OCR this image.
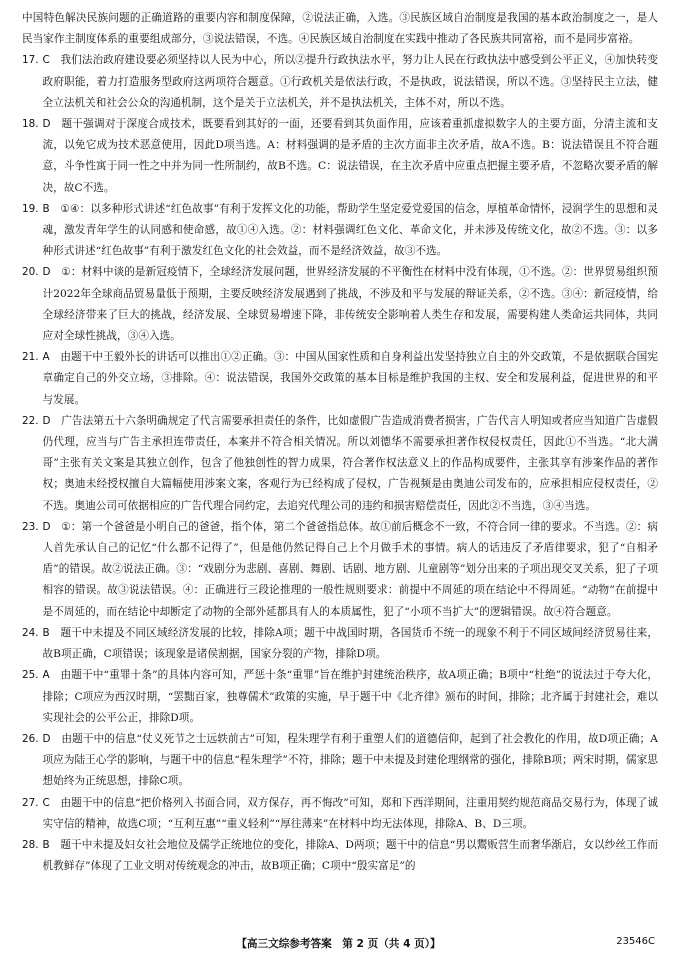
中国特色解决民族问题的正确道路的重要内容和制度保障，②说法正确，入选。③民族区域自治制度是我国的基本政治制度之一，是人民当家作主制度体系的重要组成部分，③说法错误，不选。④民族区域自治制度在实践中推动了各民族共同富裕，而不是同步富裕。

17. C  我们法治政府建设要必须坚持以人民为中心，所以②提升行政执法水平，努力让人民在行政执法中感受到公平正义，④加快转变政府职能，着力打造服务型政府这两项符合题意。①行政机关是依法行政，不是执政，说法错误，所以不选。③坚持民主立法，健全立法机关和社会公众的沟通机制，这个是关于立法机关，并不是执法机关，主体不对，所以不选。

18. D  题干强调对于深度合成技术，既要看到其好的一面，还要看到其负面作用，应该着重抓虚拟数字人的主要方面，分清主流和支流，以免它成为技术恶意使用，因此D项当选。A：材料强调的是矛盾的主次方面非主次矛盾，故A不选。B：说法错误且不符合题意，斗争性寓于同一性之中并为同一性所制约，故B不选。C：说法错误，在主次矛盾中应重点把握主要矛盾，不忽略次要矛盾的解决，故C不选。

19. B  ①④：以多种形式讲述“红色故事”有利于发挥文化的功能，帮助学生坚定爱党爱国的信念，厚植革命情怀，浸润学生的思想和灵魂，激发青年学生的认同感和使命感，故①④入选。②：材料强调红色文化、革命文化，并未涉及传统文化，故②不选。③：以多种形式讲述“红色故事”有利于激发红色文化的社会效益，而不是经济效益，故③不选。

20. D  ①：材料中谈的是新冠疫情下，全球经济发展问题，世界经济发展的不平衡性在材料中没有体现，①不选。②：世界贸易组织预计2022年全球商品贸易量低于预期，主要反映经济发展遇到了挑战，不涉及和平与发展的辩证关系，②不选。③④：新冠疫情，给全球经济带来了巨大的挑战，经济发展、全球贸易增速下降，非传统安全影响着人类生存和发展，需要构建人类命运共同体，共同应对全球性挑战，③④入选。

21. A  由题干中王毅外长的讲话可以推出①②正确。③：中国从国家性质和自身利益出发坚持独立自主的外交政策，不是依据联合国宪章确定自己的外交立场，③排除。④：说法错误，我国外交政策的基本目标是维护我国的主权、安全和发展利益，促进世界的和平与发展。

22. D  广告法第五十六条明确规定了代言需要承担责任的条件，比如虚假广告造成消费者损害，广告代言人明知或者应当知道广告虚假仍代理，应当与广告主承担连带责任，本案并不符合相关情况。所以刘德华不需要承担著作权侵权责任，因此①不当选。“北大满哥”主张有关文案是其独立创作，包含了他独创性的智力成果，符合著作权法意义上的作品构成要件，主张其享有涉案作品的著作权；奥迪未经授权擅自大篇幅使用涉案文案，客观行为已经构成了侵权，广告视频是由奥迪公司发布的，应承担相应侵权责任，②不选。奥迪公司可依据相应的广告代理合同约定，去追究代理公司的违约和损害赔偿责任，因此②不当选，③④当选。

23. D  ①：第一个爸爸是小明自己的爸爸，指个体，第二个爸爸指总体。故①前后概念不一致，不符合同一律的要求。不当选。②：病人首先承认自己的记忆“什么都不记得了”，但是他仍然记得自己上个月做手术的事情。病人的话违反了矛盾律要求，犯了“自相矛盾”的错误。故②说法正确。③：“戏剧分为悲剧、喜剧、舞剧、话剧、地方剧、儿童剧等”划分出来的子项出现交叉关系，犯了子项相容的错误。故③说法错误。④：正确进行三段论推理的一般性规则要求：前提中不周延的项在结论中不得周延。“动物”在前提中是不周延的，而在结论中却断定了动物的全部外延都具有人的本质属性，犯了“小项不当扩大”的逻辑错误。故④符合题意。

24. B  题干中未提及不同区域经济发展的比较，排除A项；题干中战国时期，各国货币不统一的现象不利于不同区域间经济贸易往来，故B项正确，C项错误；该现象是诸侯割据，国家分裂的产物，排除D项。

25. A  由题干中“重罪十条”的具体内容可知，严惩十条“重罪”旨在维护封建统治秩序，故A项正确；B项中“杜绝”的说法过于夸大化，排除；C项应为西汉时期，“罢黜百家，独尊儒术”政策的实施，早于题干中《北齐律》颁布的时间，排除；北齐属于封建社会，难以实现社会的公平公正，排除D项。

26. D  由题干中的信息“仗义死节之士远轶前古”可知，程朱理学有利于重塑人们的道德信仰，起到了社会教化的作用，故D项正确；A项应为陆王心学的影响，与题干中的信息“程朱理学”不符，排除；题干中未提及封建伦理纲常的强化，排除B项；两宋时期，儒家思想始终为正统思想，排除C项。

27. C  由题干中的信息“把价格列入书面合同，双方保存，再不悔改”可知，郑和下西洋期间，注重用契约规范商品交易行为，体现了诚实守信的精神，故选C项；“互利互惠”“重义轻利”“厚往薄来”在材料中均无法体现，排除A、B、D三项。

28. B  题干中未提及妇女社会地位及儒学正统地位的变化，排除A、D两项；题干中的信息“男以鬻贩营生而奢华渐启，女以纱丝工作而机教鲜存”体现了工业文明对传统观念的冲击，故B项正确；C项中“殷实富足”的

【高三文综参考答案　第 2 页（共 4 页）】	23546C
